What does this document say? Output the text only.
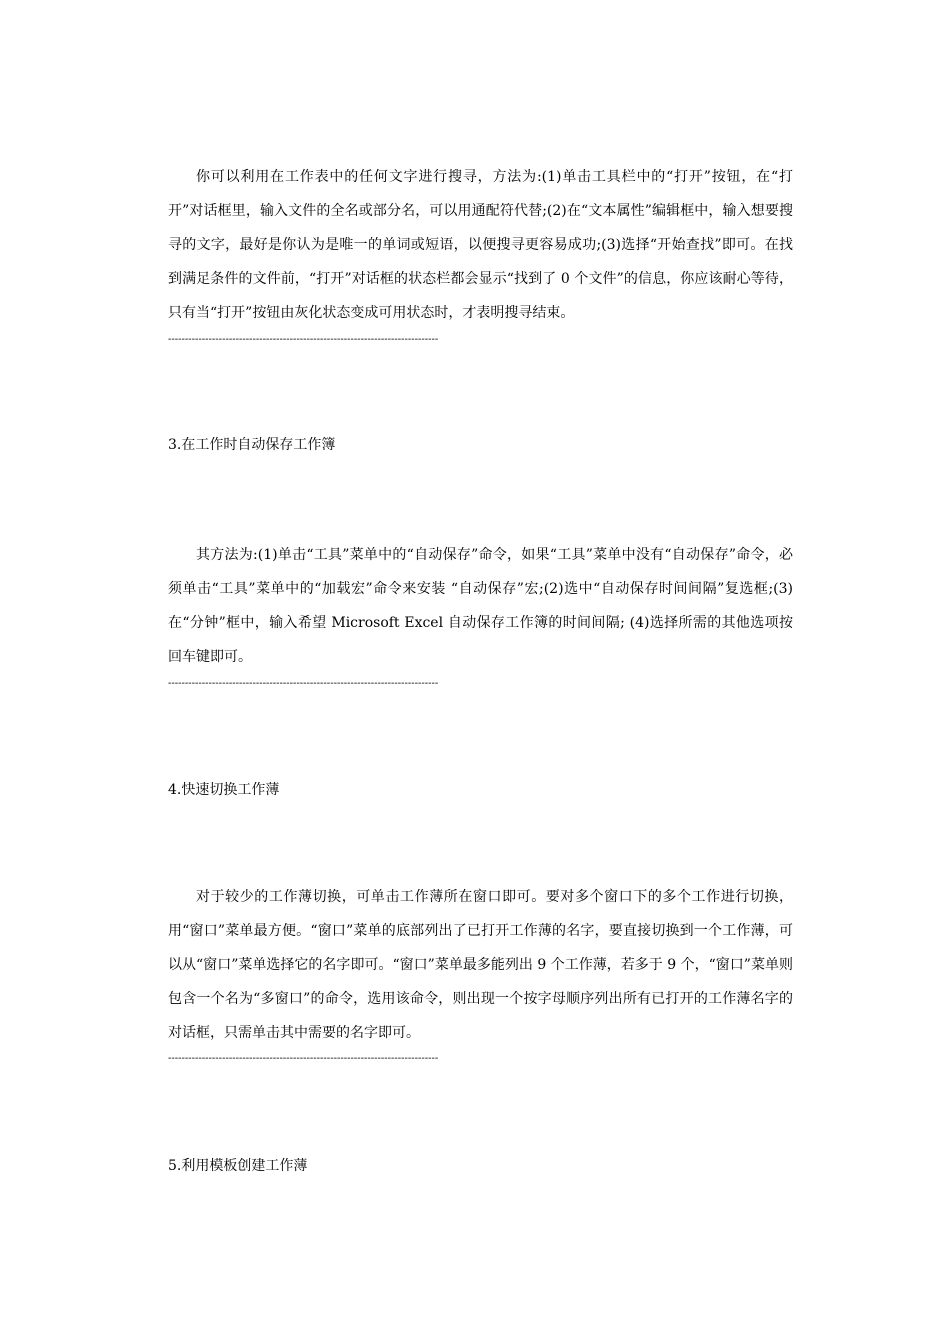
你可以利用在工作表中的任何文字进行搜寻，方法为:(1)单击工具栏中的“打开”按钮，在“打开”对话框里，输入文件的全名或部分名，可以用通配符代替;(2)在“文本属性”编辑框中，输入想要搜寻的文字，最好是你认为是唯一的单词或短语，以便搜寻更容易成功;(3)选择“开始查找”即可。在找到满足条件的文件前，“打开”对话框的状态栏都会显示“找到了 0 个文件”的信息，你应该耐心等待，只有当“打开”按钮由灰化状态变成可用状态时，才表明搜寻结束。

--------------------------------------------------------------------------------
3.在工作时自动保存工作簿

其方法为:(1)单击“工具”菜单中的“自动保存”命令，如果“工具”菜单中没有“自动保存”命令，必须单击“工具”菜单中的“加载宏”命令来安装 “自动保存”宏;(2)选中“自动保存时间间隔”复选框;(3)在“分钟”框中，输入希望 Microsoft Excel 自动保存工作簿的时间间隔; (4)选择所需的其他选项按回车键即可。

--------------------------------------------------------------------------------
4.快速切换工作薄

对于较少的工作薄切换，可单击工作薄所在窗口即可。要对多个窗口下的多个工作进行切换，用“窗口”菜单最方便。“窗口”菜单的底部列出了已打开工作薄的名字，要直接切换到一个工作薄，可以从“窗口”菜单选择它的名字即可。“窗口”菜单最多能列出 9 个工作薄，若多于 9 个，“窗口”菜单则包含一个名为“多窗口”的命令，选用该命令，则出现一个按字母顺序列出所有已打开的工作薄名字的对话框，只需单击其中需要的名字即可。

--------------------------------------------------------------------------------
5.利用模板创建工作薄
